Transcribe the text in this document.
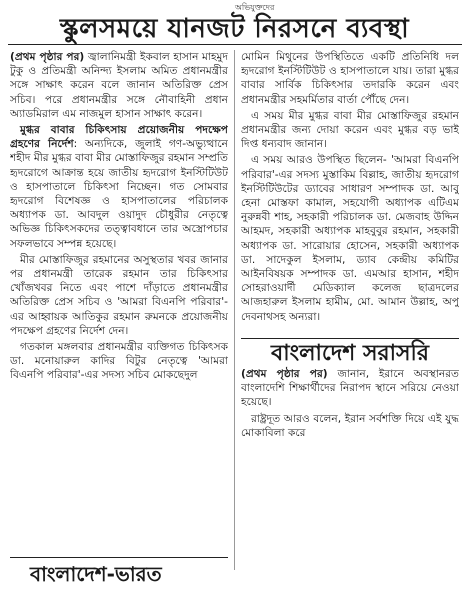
অভিযুক্তদের
স্কুলসময়ে যানজট নিরসনে ব্যবস্থা

(প্রথম পৃষ্ঠার পর) জ্বালানিমন্ত্রী ইকবাল হাসান মাহমুদ টুকু ও প্রতিমন্ত্রী অনিন্দ্য ইসলাম অমিত প্রধানমন্ত্রীর সঙ্গে সাক্ষাৎ করেন বলে জানান অতিরিক্ত প্রেস সচিব। পরে প্রধানমন্ত্রীর সঙ্গে নৌবাহিনী প্রধান অ্যাডমিরাল এম নাজমুল হাসান সাক্ষাৎ করেন।

মুগ্ধর বাবার চিকিৎসায় প্রয়োজনীয় পদক্ষেপ গ্রহণের নির্দেশ: অন্যদিকে, জুলাই গণ-অভ্যুত্থানে শহীদ মীর মুগ্ধর বাবা মীর মোস্তাফিজুর রহমান সম্প্রতি হৃদরোগে আক্রান্ত হয়ে জাতীয় হৃদরোগ ইনস্টিটিউট ও হাসপাতালে চিকিৎসা নিচ্ছেন। গত সোমবার হৃদরোগ বিশেষজ্ঞ ও হাসপাতালের পরিচালক অধ্যাপক ডা. আবদুল ওয়াদুদ চৌধুরীর নেতৃত্বে অভিজ্ঞ চিকিৎসকদের তত্ত্বাবধানে তার অস্ত্রোপচার সফলভাবে সম্পন্ন হয়েছে।

মীর মোস্তাফিজুর রহমানের অসুস্থতার খবর জানার পর প্রধানমন্ত্রী তারেক রহমান তার চিকিৎসার খোঁজখবর নিতে এবং পাশে দাঁড়াতে প্রধানমন্ত্রীর অতিরিক্ত প্রেস সচিব ও 'আমরা বিএনপি পরিবার'-এর আহ্বায়ক আতিকুর রহমান রুমনকে প্রয়োজনীয় পদক্ষেপ গ্রহণের নির্দেশ দেন।

গতকাল মঙ্গলবার প্রধানমন্ত্রীর ব্যক্তিগত চিকিৎসক ডা. মনোয়ারুল কাদির বিটুর নেতৃত্বে 'আমরা বিএনপি পরিবার'-এর সদস্য সচিব মোকছেদুল

বাংলাদেশ-ভারত

মোমিন মিথুনের উপস্থিতিতে একটি প্রতিনিধি দল হৃদরোগ ইনস্টিটিউট ও হাসপাতালে যায়। তারা মুগ্ধর বাবার সার্বিক চিকিৎসার তদারকি করেন এবং প্রধানমন্ত্রীর সহমর্মিতার বার্তা পৌঁছে দেন।

এ সময় মীর মুগ্ধর বাবা মীর মোস্তাফিজুর রহমান প্রধানমন্ত্রীর জন্য দোয়া করেন এবং মুগ্ধর বড় ভাই দিপ্ত ধন্যবাদ জানান।

এ সময় আরও উপস্থিত ছিলেন- 'আমরা বিএনপি পরিবার'-এর সদস্য মুস্তাকিম বিল্লাহ, জাতীয় হৃদরোগ ইনস্টিটিউটের ড্যাবের সাধারণ সম্পাদক ডা. আবু হেনা মোস্তফা কামাল, সহযোগী অধ্যাপক এটিএম নুরুন্নবী শাহ, সহকারী পরিচালক ডা. মেজবাহ উদ্দিন আহমদ, সহকারী অধ্যাপক মাহবুবুর রহমান, সহকারী অধ্যাপক ডা. সারোয়ার হোসেন, সহকারী অধ্যাপক ডা. সাদেকুল ইসলাম, ড্যাব কেন্দ্রীয় কমিটির আইনবিষয়ক সম্পাদক ডা. এমআর হাসান, শহীদ সোহরাওয়ার্দী মেডিক্যাল কলেজ ছাত্রদলের আজহারুল ইসলাম হামীম, মো. আমান উল্লাহ, অপু দেবনাথসহ অন্যরা।

বাংলাদেশ সরাসরি

(প্রথম পৃষ্ঠার পর) জানান, ইরানে অবস্থানরত বাংলাদেশি শিক্ষার্থীদের নিরাপদ স্থানে সরিয়ে নেওয়া হয়েছে।

রাষ্ট্রদূত আরও বলেন, ইরান সর্বশক্তি দিয়ে এই যুদ্ধ মোকাবিলা করে
